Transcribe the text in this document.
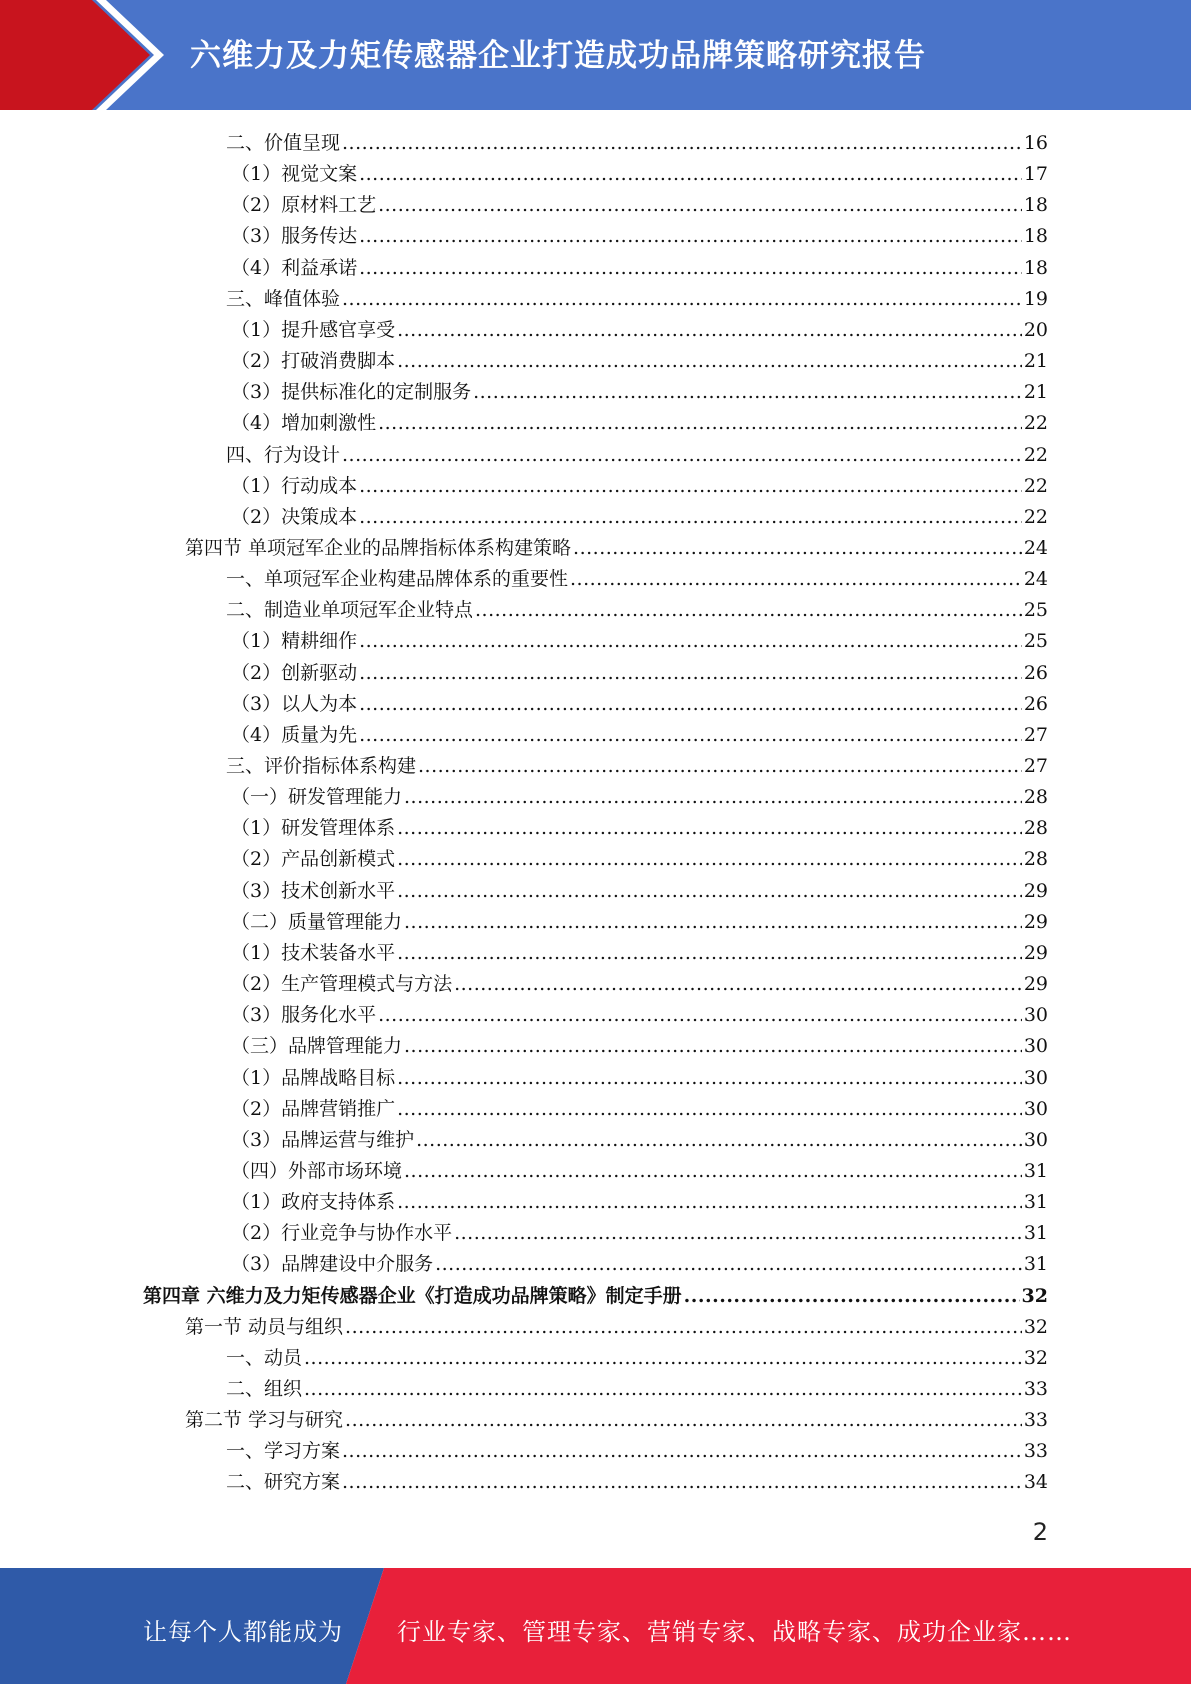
六维力及力矩传感器企业打造成功品牌策略研究报告
二、价值呈现 .....	16
（1）视觉文案 .....	17
（2）原材料工艺 .....	18
（3）服务传达 .....	18
（4）利益承诺 .....	18
三、峰值体验 .....	19
（1）提升感官享受 .....	20
（2）打破消费脚本 .....	21
（3）提供标准化的定制服务 .....	21
（4）增加刺激性 .....	22
四、行为设计 .....	22
（1）行动成本 .....	22
（2）决策成本 .....	22
第四节 单项冠军企业的品牌指标体系构建策略 .....	24
一、单项冠军企业构建品牌体系的重要性 .....	24
二、制造业单项冠军企业特点 .....	25
（1）精耕细作 .....	25
（2）创新驱动 .....	26
（3）以人为本 .....	26
（4）质量为先 .....	27
三、评价指标体系构建 .....	27
（一）研发管理能力 .....	28
（1）研发管理体系 .....	28
（2）产品创新模式 .....	28
（3）技术创新水平 .....	29
（二）质量管理能力 .....	29
（1）技术装备水平 .....	29
（2）生产管理模式与方法 .....	29
（3）服务化水平 .....	30
（三）品牌管理能力 .....	30
（1）品牌战略目标 .....	30
（2）品牌营销推广 .....	30
（3）品牌运营与维护 .....	30
（四）外部市场环境 .....	31
（1）政府支持体系 .....	31
（2）行业竞争与协作水平 .....	31
（3）品牌建设中介服务 .....	31
第四章 六维力及力矩传感器企业《打造成功品牌策略》制定手册 .....	32
第一节 动员与组织 .....	32
一、动员 .....	32
二、组织 .....	33
第二节 学习与研究 .....	33
一、学习方案 .....	33
二、研究方案 .....	34
2
让每个人都能成为 行业专家、管理专家、营销专家、战略专家、成功企业家……
